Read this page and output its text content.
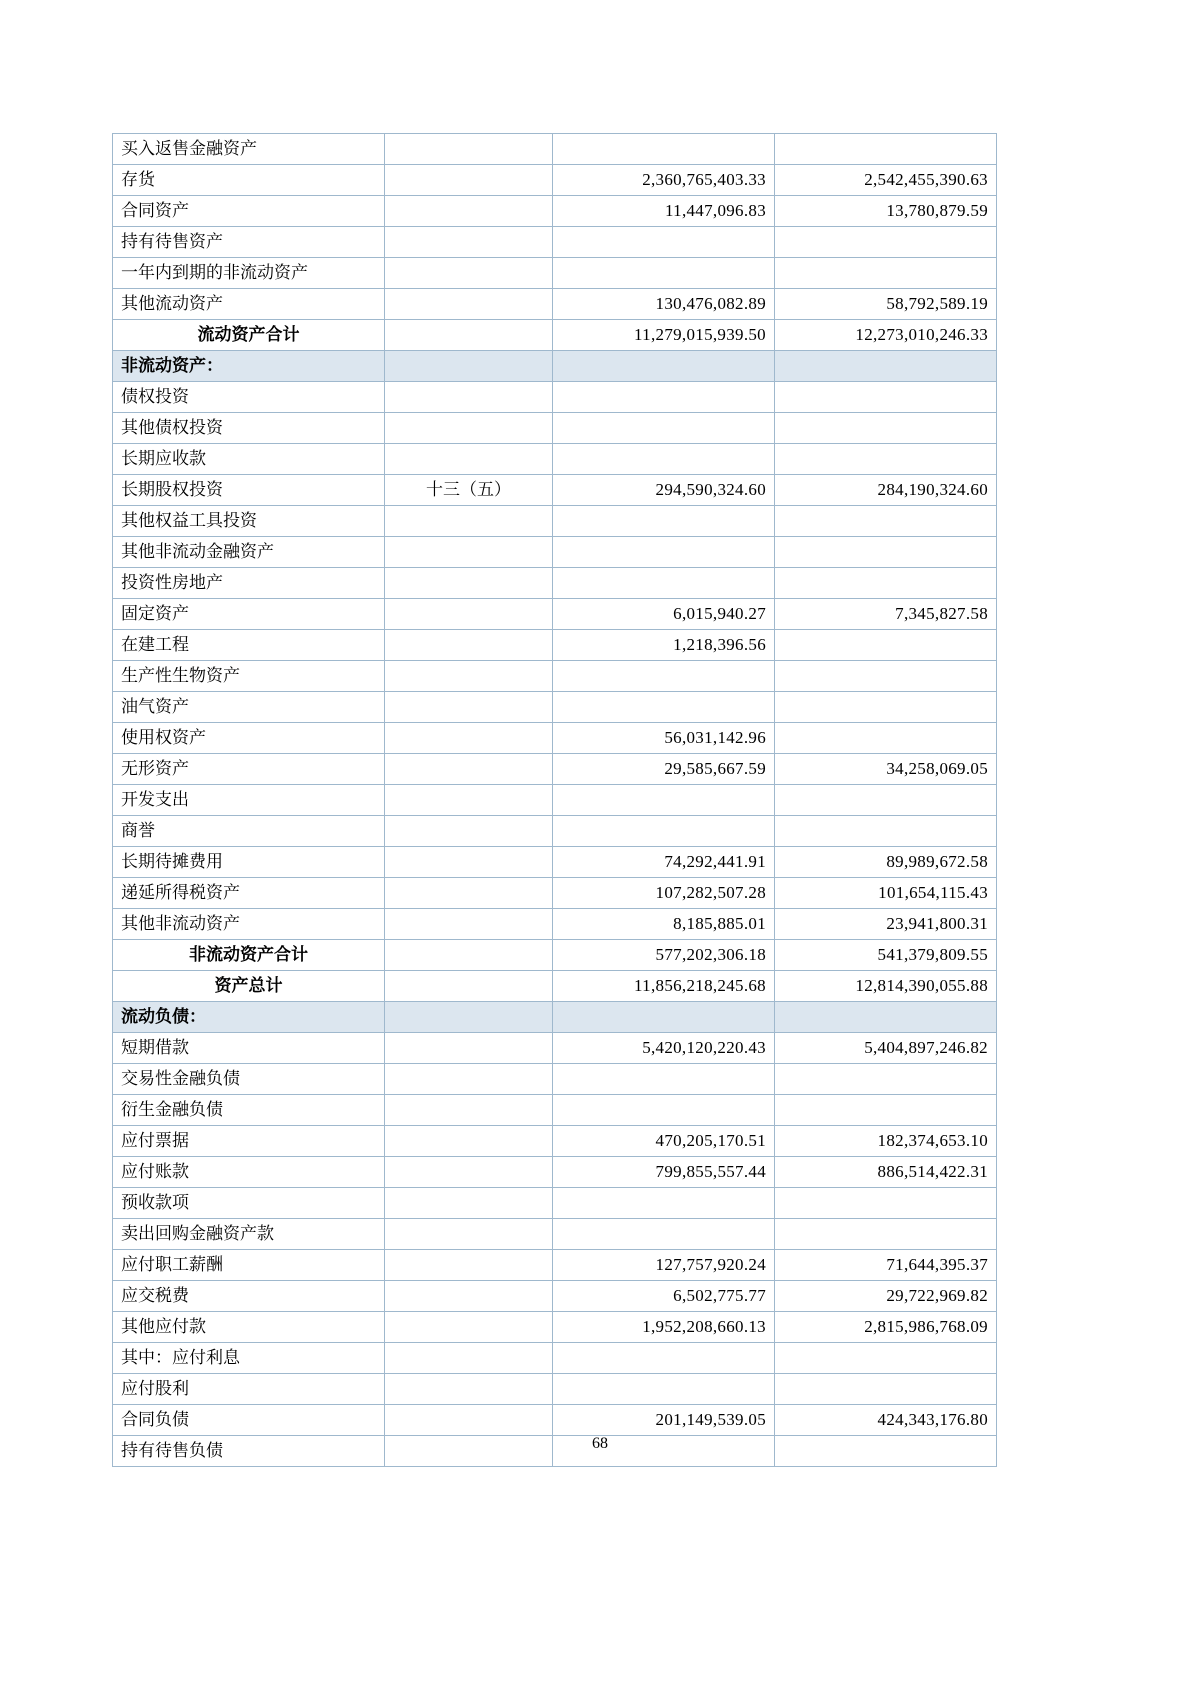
买入返售金融资产			
存货		2,360,765,403.33	2,542,455,390.63
合同资产		11,447,096.83	13,780,879.59
持有待售资产			
一年内到期的非流动资产			
其他流动资产		130,476,082.89	58,792,589.19
流动资产合计		11,279,015,939.50	12,273,010,246.33
非流动资产：			
债权投资			
其他债权投资			
长期应收款			
长期股权投资	十三（五）	294,590,324.60	284,190,324.60
其他权益工具投资			
其他非流动金融资产			
投资性房地产			
固定资产		6,015,940.27	7,345,827.58
在建工程		1,218,396.56	
生产性生物资产			
油气资产			
使用权资产		56,031,142.96	
无形资产		29,585,667.59	34,258,069.05
开发支出			
商誉			
长期待摊费用		74,292,441.91	89,989,672.58
递延所得税资产		107,282,507.28	101,654,115.43
其他非流动资产		8,185,885.01	23,941,800.31
非流动资产合计		577,202,306.18	541,379,809.55
资产总计		11,856,218,245.68	12,814,390,055.88
流动负债：			
短期借款		5,420,120,220.43	5,404,897,246.82
交易性金融负债			
衍生金融负债			
应付票据		470,205,170.51	182,374,653.10
应付账款		799,855,557.44	886,514,422.31
预收款项			
卖出回购金融资产款			
应付职工薪酬		127,757,920.24	71,644,395.37
应交税费		6,502,775.77	29,722,969.82
其他应付款		1,952,208,660.13	2,815,986,768.09
其中：应付利息			
应付股利			
合同负债		201,149,539.05	424,343,176.80
持有待售负债				68
